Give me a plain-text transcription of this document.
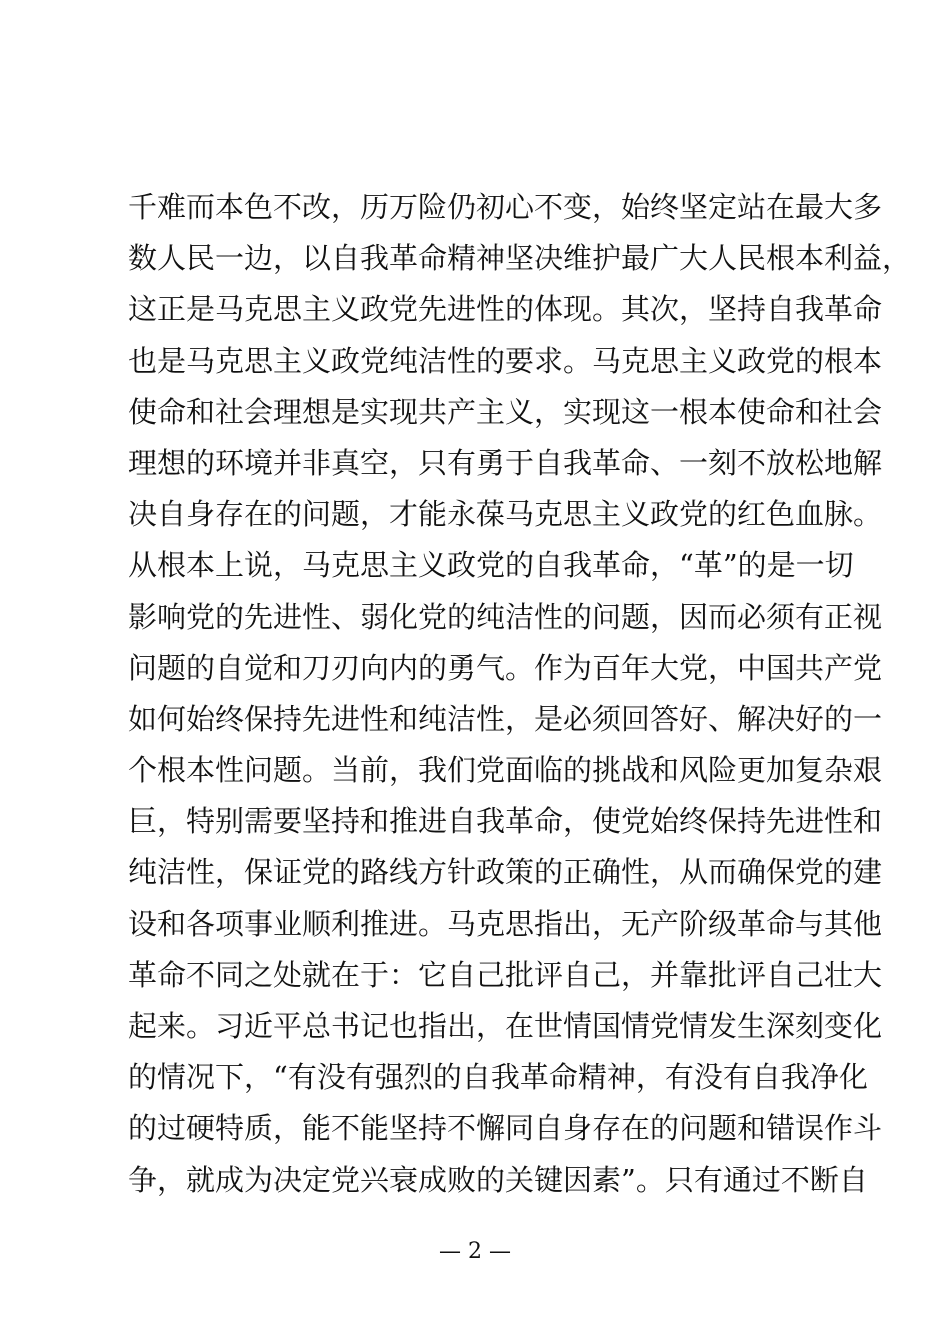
千难而本色不改，历万险仍初心不变，始终坚定站在最大多
数人民一边，以自我革命精神坚决维护最广大人民根本利益，
这正是马克思主义政党先进性的体现。其次，坚持自我革命
也是马克思主义政党纯洁性的要求。马克思主义政党的根本
使命和社会理想是实现共产主义，实现这一根本使命和社会
理想的环境并非真空，只有勇于自我革命、一刻不放松地解
决自身存在的问题，才能永葆马克思主义政党的红色血脉。
从根本上说，马克思主义政党的自我革命，“革”的是一切
影响党的先进性、弱化党的纯洁性的问题，因而必须有正视
问题的自觉和刀刃向内的勇气。作为百年大党，中国共产党
如何始终保持先进性和纯洁性，是必须回答好、解决好的一
个根本性问题。当前，我们党面临的挑战和风险更加复杂艰
巨，特别需要坚持和推进自我革命，使党始终保持先进性和
纯洁性，保证党的路线方针政策的正确性，从而确保党的建
设和各项事业顺利推进。马克思指出，无产阶级革命与其他
革命不同之处就在于：它自己批评自己，并靠批评自己壮大
起来。习近平总书记也指出，在世情国情党情发生深刻变化
的情况下，“有没有强烈的自我革命精神，有没有自我净化
的过硬特质，能不能坚持不懈同自身存在的问题和错误作斗
争，就成为决定党兴衰成败的关键因素”。只有通过不断自
— 2 —
